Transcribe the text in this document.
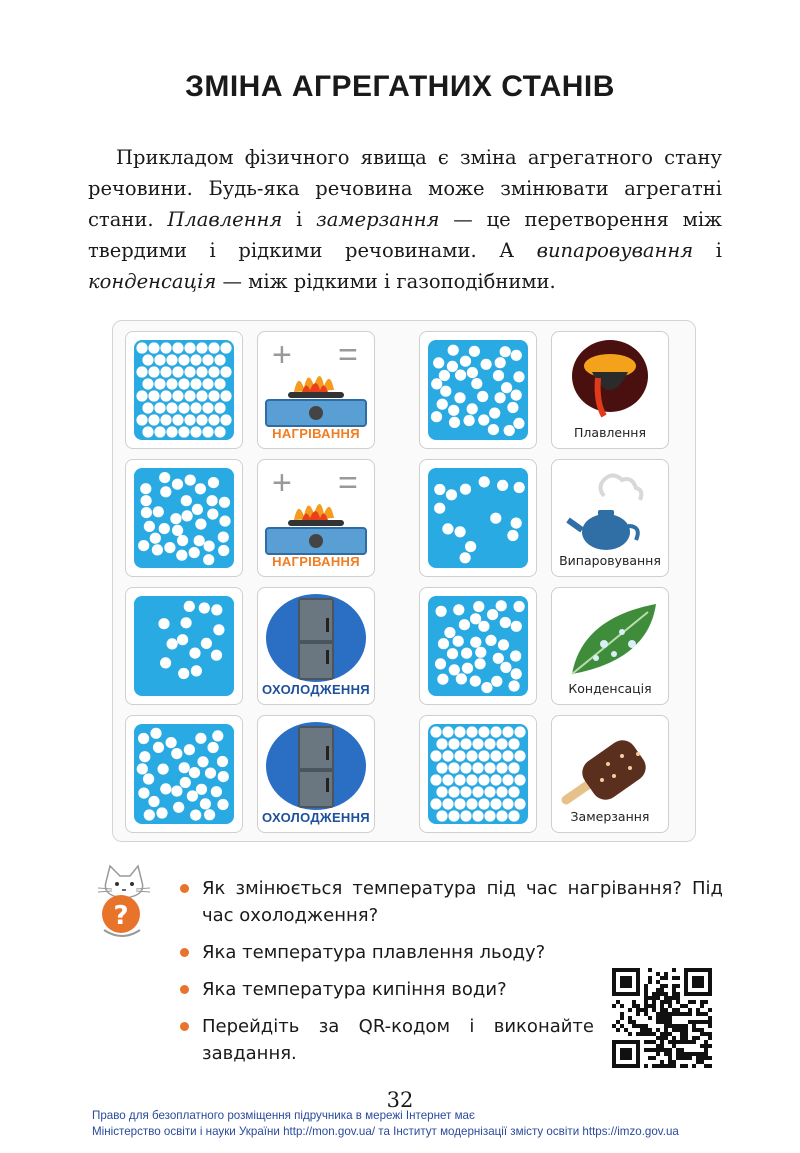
ЗМІНА АГРЕГАТНИХ СТАНІВ
Прикладом фізичного явища є зміна агрегатного стану речовини. Будь-яка речовина може змінювати агрегатні стани. Плавлення і замерзання — це перетворення між твердими і рідкими речовинами. А випаровування і конденсація — між рідкими і газоподібними.
+ =
НАГРІВАННЯ	Плавлення
+ =
НАГРІВАННЯ	Випаровування
ОХОЛОДЖЕННЯ	Конденсація
ОХОЛОДЖЕННЯ	Замерзання
?
Як змінюється температура під час нагрівання? Під час охолодження?
Яка температура плавлення льоду?
Яка температура кипіння води?
Перейдіть за QR-кодом і виконайте завдання.
32
Право для безоплатного розміщення підручника в мережі Інтернет має
Міністерство освіти і науки України http://mon.gov.ua/ та Інститут модернізації змісту освіти https://imzo.gov.ua
